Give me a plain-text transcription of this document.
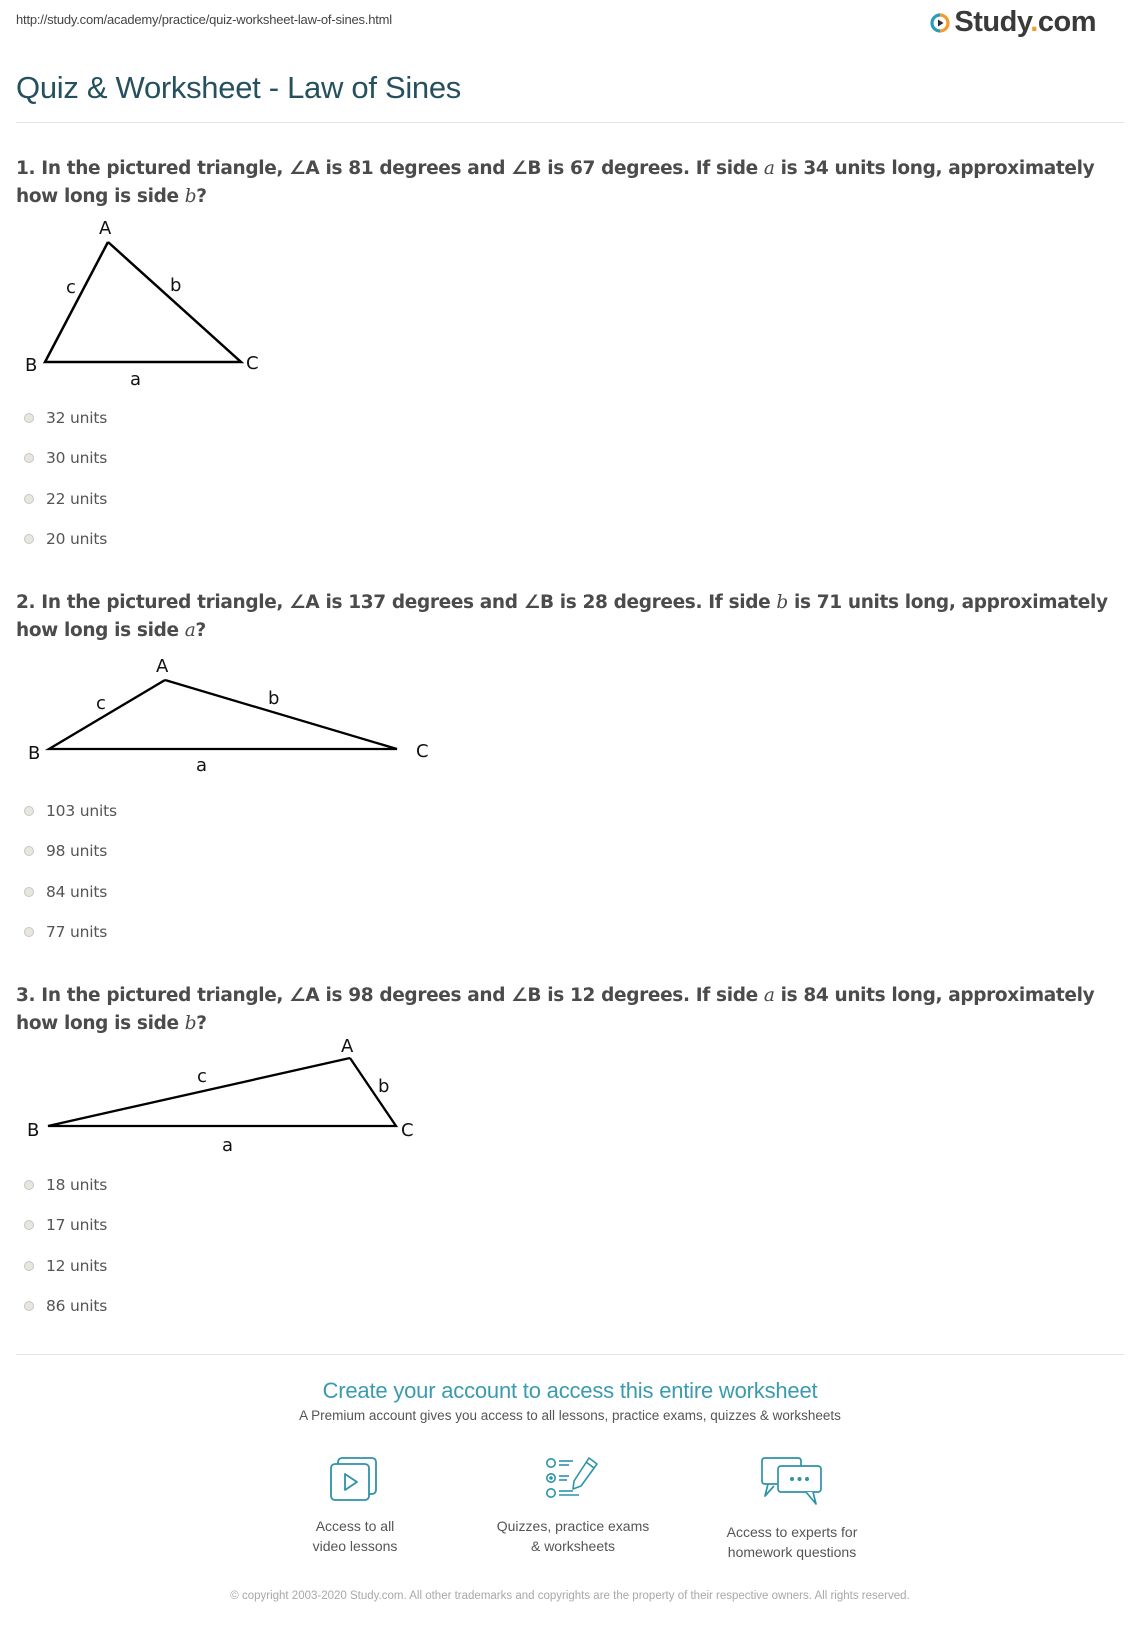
http://study.com/academy/practice/quiz-worksheet-law-of-sines.html	Study.com
Quiz & Worksheet - Law of Sines

1. In the pictured triangle, ∠A is 81 degrees and ∠B is 67 degrees. If side a is 34 units long, approximately how long is side b?

A
B	C
a
b
c
32 units
30 units
22 units
20 units

2. In the pictured triangle, ∠A is 137 degrees and ∠B is 28 degrees. If side b is 71 units long, approximately how long is side a?

A
B	C
a
b
c
103 units
98 units
84 units
77 units

3. In the pictured triangle, ∠A is 98 degrees and ∠B is 12 degrees. If side a is 84 units long, approximately how long is side b?

A
B	C
a
b
c
18 units
17 units
12 units
86 units
Create your account to access this entire worksheet
A Premium account gives you access to all lessons, practice exams, quizzes & worksheets
Access to all
video lessons
Quizzes, practice exams
& worksheets
Access to experts for
homework questions
© copyright 2003-2020 Study.com. All other trademarks and copyrights are the property of their respective owners. All rights reserved.
